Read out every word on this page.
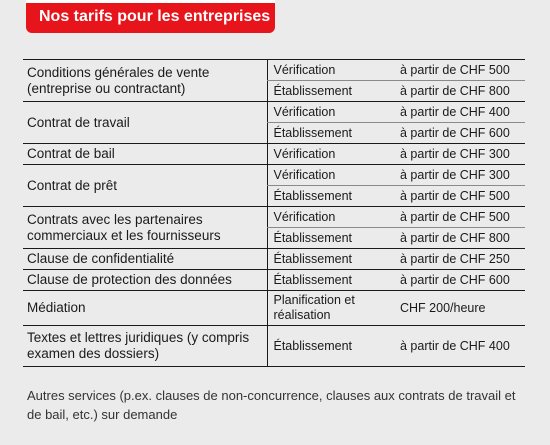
Nos tarifs pour les entreprises
Conditions générales de vente (entreprise ou contractant)	Vérification	à partir de CHF 500
	Établissement	à partir de CHF 800
Contrat de travail	Vérification	à partir de CHF 400
	Établissement	à partir de CHF 600
Contrat de bail	Vérification	à partir de CHF 300
Contrat de prêt	Vérification	à partir de CHF 300
	Établissement	à partir de CHF 500
Contrats avec les partenaires commerciaux et les fournisseurs	Vérification	à partir de CHF 500
	Établissement	à partir de CHF 800
Clause de confidentialité	Établissement	à partir de CHF 250
Clause de protection des données	Établissement	à partir de CHF 600
Médiation	Planification et réalisation	CHF 200/heure
Textes et lettres juridiques (y compris examen des dossiers)	Établissement	à partir de CHF 400
Autres services (p.ex. clauses de non-concurrence, clauses aux contrats de travail et de bail, etc.) sur demande
